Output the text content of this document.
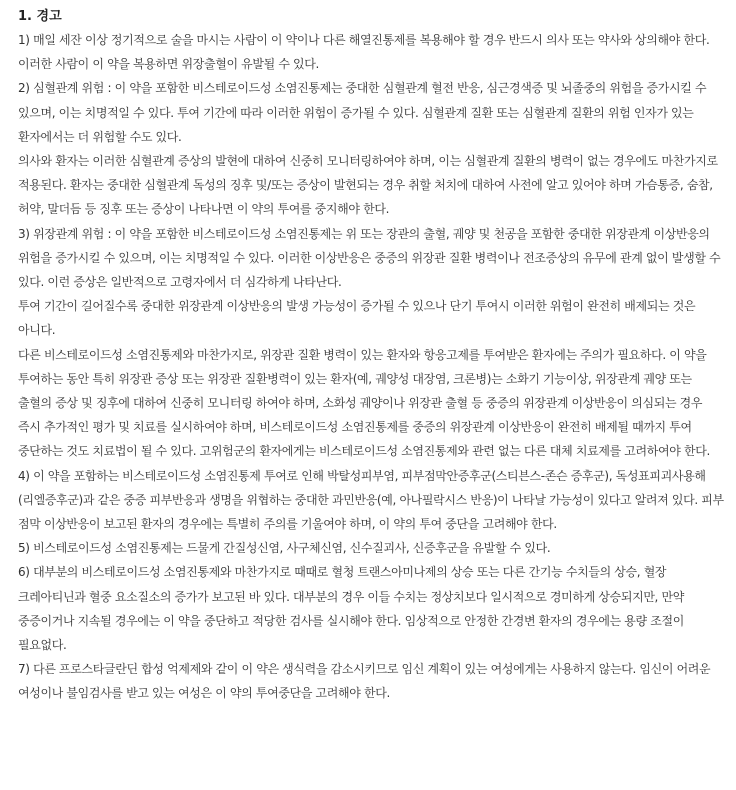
1. 경고

1) 매일 세잔 이상 정기적으로 술을 마시는 사람이 이 약이나 다른 해열진통제를 복용해야 할 경우 반드시 의사 또는 약사와 상의해야 한다. 이러한 사람이 이 약을 복용하면 위장출혈이 유발될 수 있다.

2) 심혈관계 위험 : 이 약을 포함한 비스테로이드성 소염진통제는 중대한 심혈관계 혈전 반응, 심근경색증 및 뇌졸중의 위험을 증가시킬 수 있으며, 이는 치명적일 수 있다. 투여 기간에 따라 이러한 위험이 증가될 수 있다. 심혈관계 질환 또는 심혈관계 질환의 위험 인자가 있는 환자에서는 더 위험할 수도 있다.

의사와 환자는 이러한 심혈관계 증상의 발현에 대하여 신중히 모니터링하여야 하며, 이는 심혈관계 질환의 병력이 없는 경우에도 마찬가지로 적용된다. 환자는 중대한 심혈관계 독성의 징후 및/또는 증상이 발현되는 경우 취할 처치에 대하여 사전에 알고 있어야 하며 가슴통증, 숨참, 허약, 말더듬 등 징후 또는 증상이 나타나면 이 약의 투여를 중지해야 한다.

3) 위장관계 위험 : 이 약을 포함한 비스테로이드성 소염진통제는 위 또는 장관의 출혈, 궤양 및 천공을 포함한 중대한 위장관계 이상반응의 위험을 증가시킬 수 있으며, 이는 치명적일 수 있다. 이러한 이상반응은 중증의 위장관 질환 병력이나 전조증상의 유무에 관계 없이 발생할 수 있다. 이런 증상은 일반적으로 고령자에서 더 심각하게 나타난다.

투여 기간이 길어질수록 중대한 위장관계 이상반응의 발생 가능성이 증가될 수 있으나 단기 투여시 이러한 위험이 완전히 배제되는 것은 아니다.

다른 비스테로이드성 소염진통제와 마찬가지로, 위장관 질환 병력이 있는 환자와 항응고제를 투여받은 환자에는 주의가 필요하다. 이 약을 투여하는 동안 특히 위장관 증상 또는 위장관 질환병력이 있는 환자(예, 궤양성 대장염, 크론병)는 소화기 기능이상, 위장관계 궤양 또는 출혈의 증상 및 징후에 대하여 신중히 모니터링 하여야 하며, 소화성 궤양이나 위장관 출혈 등 중증의 위장관계 이상반응이 의심되는 경우 즉시 추가적인 평가 및 치료를 실시하여야 하며, 비스테로이드성 소염진통제를 중증의 위장관계 이상반응이 완전히 배제될 때까지 투여 중단하는 것도 치료법이 될 수 있다. 고위험군의 환자에게는 비스테로이드성 소염진통제와 관련 없는 다른 대체 치료제를 고려하여야 한다.

4) 이 약을 포함하는 비스테로이드성 소염진통제 투여로 인해 박탈성피부염, 피부점막안증후군(스티븐스-존슨 증후군), 독성표피괴사용해(리엘증후군)과 같은 중증 피부반응과 생명을 위협하는 중대한 과민반응(예, 아나필락시스 반응)이 나타날 가능성이 있다고 알려져 있다. 피부 점막 이상반응이 보고된 환자의 경우에는 특별히 주의를 기울여야 하며, 이 약의 투여 중단을 고려해야 한다.

5) 비스테로이드성 소염진통제는 드물게 간질성신염, 사구체신염, 신수질괴사, 신증후군을 유발할 수 있다.

6) 대부분의 비스테로이드성 소염진통제와 마찬가지로 때때로 혈청 트랜스아미나제의 상승 또는 다른 간기능 수치들의 상승, 혈장 크레아티닌과 혈중 요소질소의 증가가 보고된 바 있다. 대부분의 경우 이들 수치는 정상치보다 일시적으로 경미하게 상승되지만, 만약 중증이거나 지속될 경우에는 이 약을 중단하고 적당한 검사를 실시해야 한다. 임상적으로 안정한 간경변 환자의 경우에는 용량 조절이 필요없다.

7) 다른 프로스타글란딘 합성 억제제와 같이 이 약은 생식력을 감소시키므로 임신 계획이 있는 여성에게는 사용하지 않는다. 임신이 어려운 여성이나 불임검사를 받고 있는 여성은 이 약의 투여중단을 고려해야 한다.
